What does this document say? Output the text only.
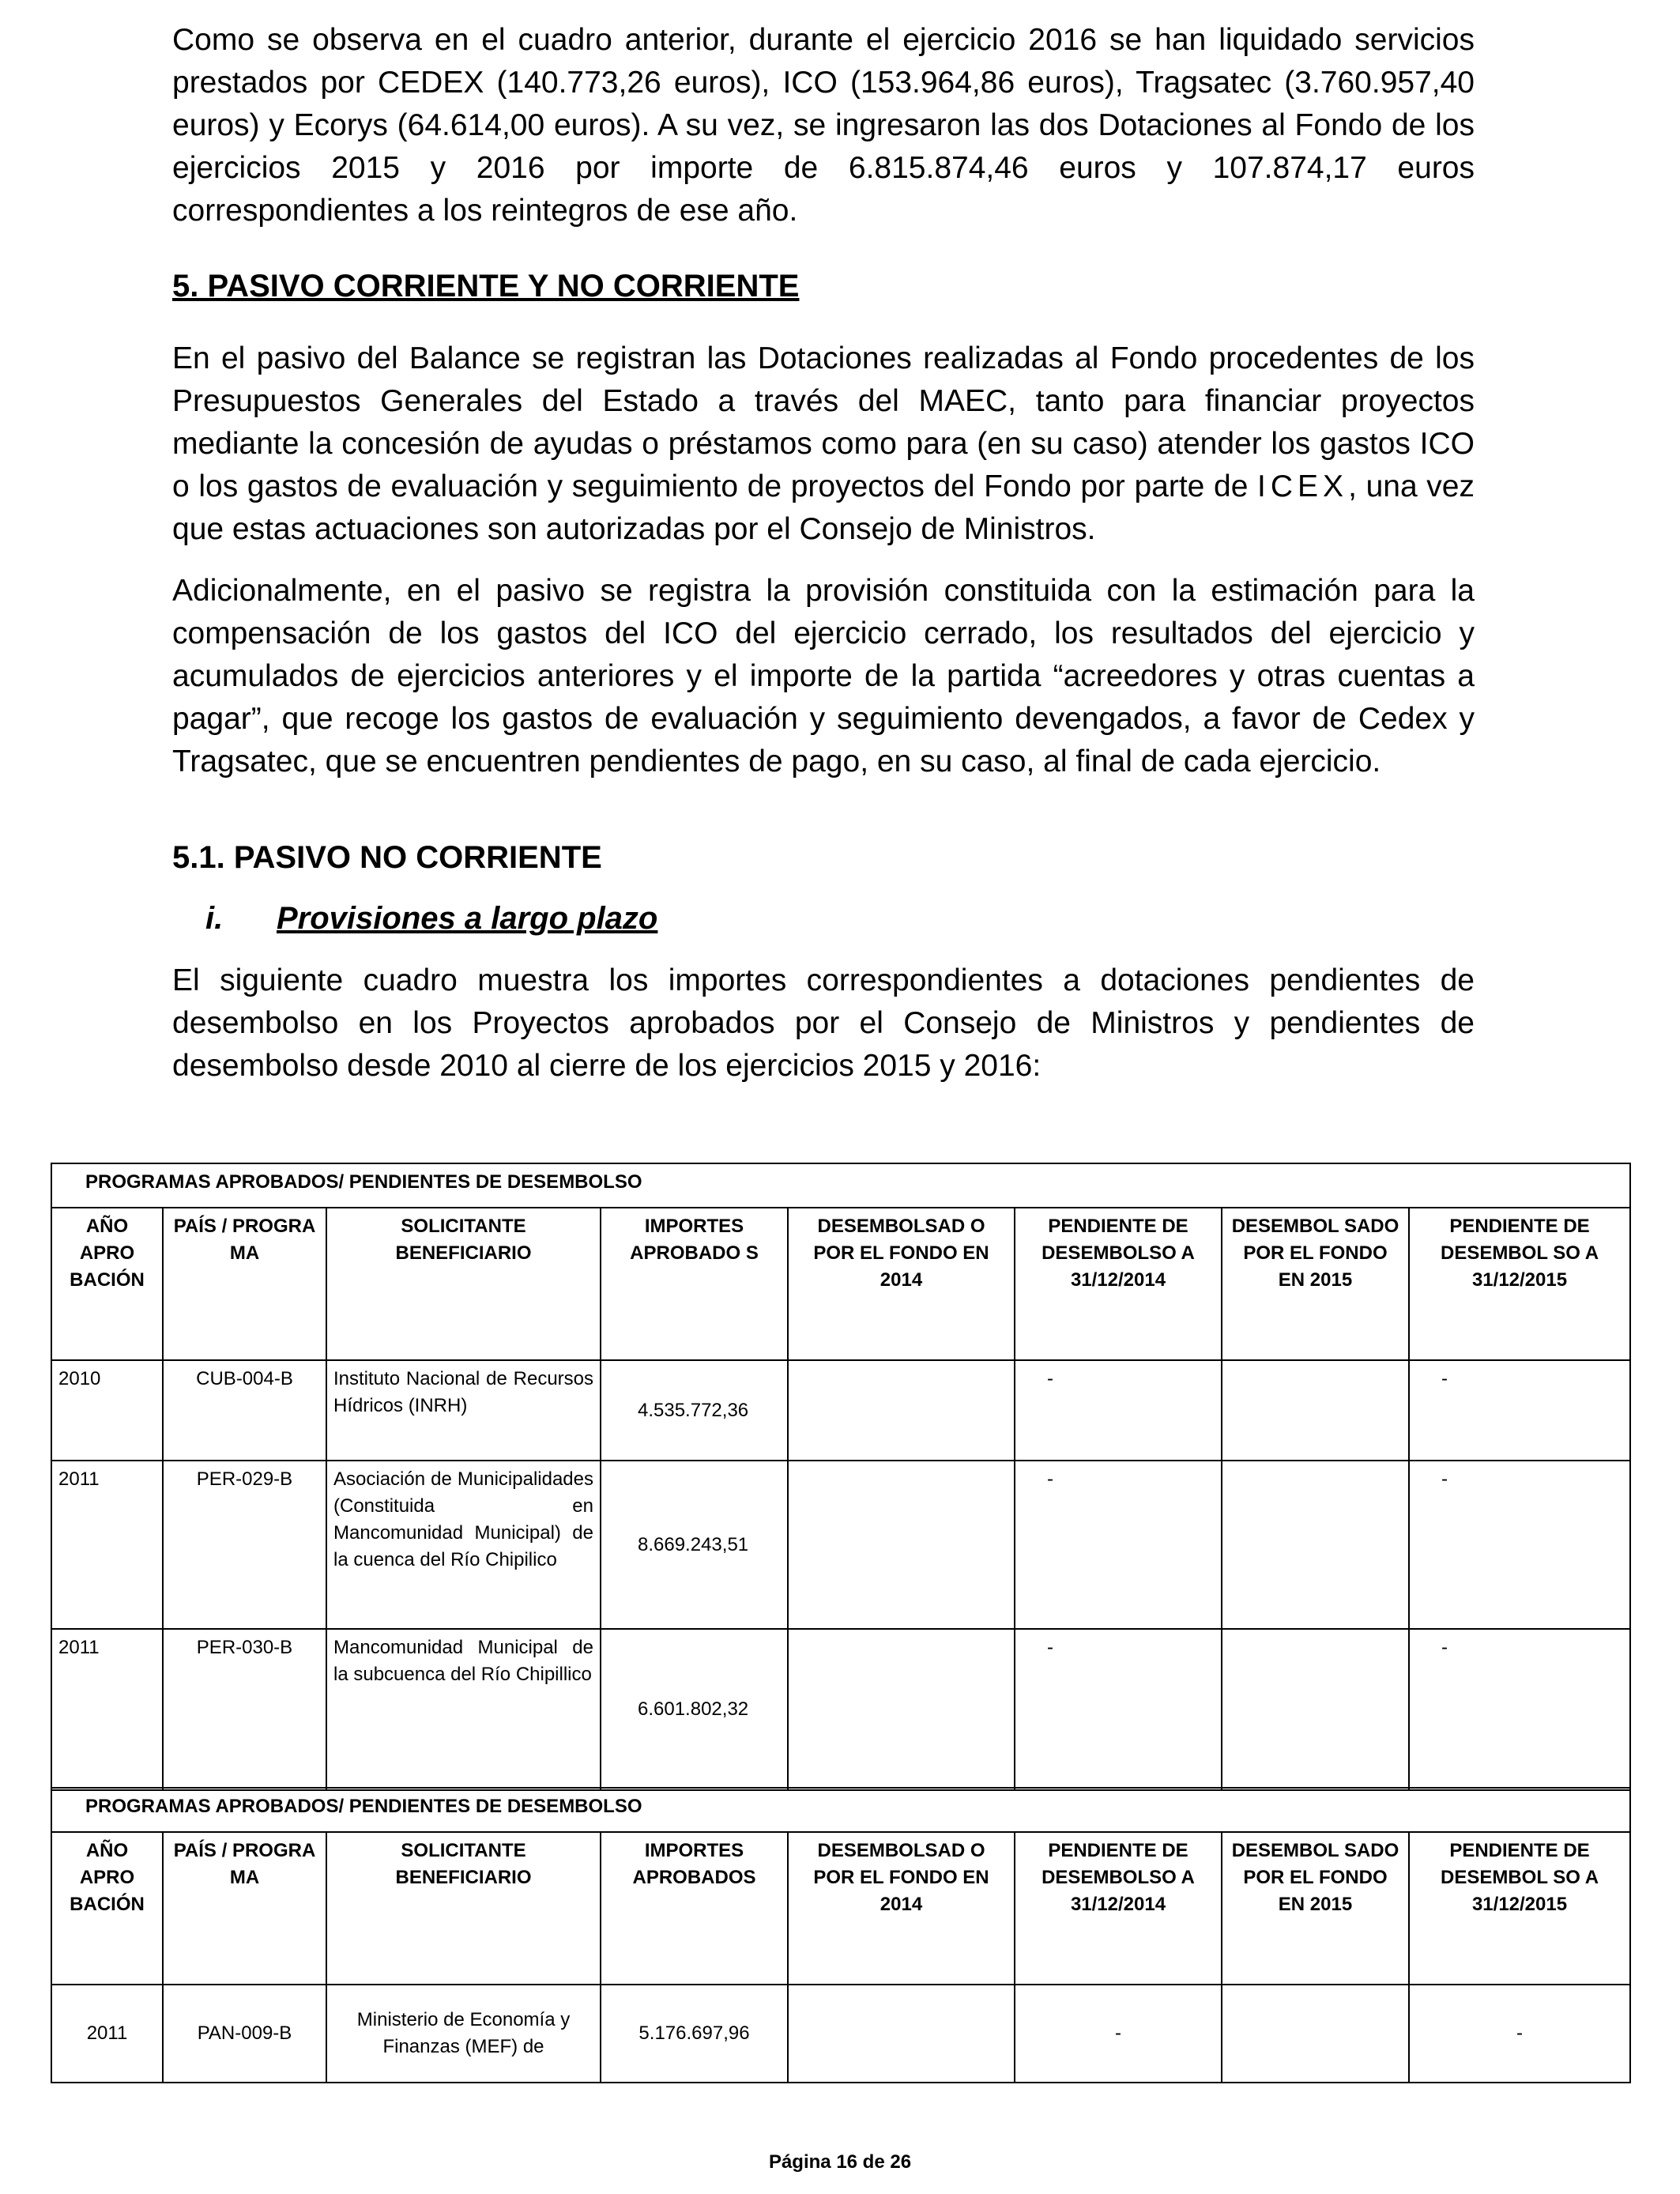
Como se observa en el cuadro anterior, durante el ejercicio 2016 se han liquidado servicios prestados por CEDEX (140.773,26 euros), ICO (153.964,86 euros), Tragsatec (3.760.957,40 euros) y Ecorys (64.614,00 euros). A su vez, se ingresaron las dos Dotaciones al Fondo de los ejercicios 2015 y 2016 por importe de 6.815.874,46 euros y 107.874,17 euros correspondientes a los reintegros de ese año.

5. PASIVO CORRIENTE Y NO CORRIENTE

En el pasivo del Balance se registran las Dotaciones realizadas al Fondo procedentes de los Presupuestos Generales del Estado a través del MAEC, tanto para financiar proyectos mediante la concesión de ayudas o préstamos como para (en su caso) atender los gastos ICO o los gastos de evaluación y seguimiento de proyectos del Fondo por parte de ICEX, una vez que estas actuaciones son autorizadas por el Consejo de Ministros.

Adicionalmente, en el pasivo se registra la provisión constituida con la estimación para la compensación de los gastos del ICO del ejercicio cerrado, los resultados del ejercicio y acumulados de ejercicios anteriores y el importe de la partida “acreedores y otras cuentas a pagar”, que recoge los gastos de evaluación y seguimiento devengados, a favor de Cedex y Tragsatec, que se encuentren pendientes de pago, en su caso, al final de cada ejercicio.

5.1. PASIVO NO CORRIENTE

i. Provisiones a largo plazo

El siguiente cuadro muestra los importes correspondientes a dotaciones pendientes de desembolso en los Proyectos aprobados por el Consejo de Ministros y pendientes de desembolso desde 2010 al cierre de los ejercicios 2015 y 2016:

PROGRAMAS APROBADOS/ PENDIENTES DE DESEMBOLSO							
AÑO APRO BACIÓN	PAÍS / PROGRA MA	SOLICITANTE BENEFICIARIO	IMPORTES APROBADO S	DESEMBOLSAD O POR EL FONDO EN 2014	PENDIENTE DE DESEMBOLSO A 31/12/2014	DESEMBOL SADO POR EL FONDO EN 2015	PENDIENTE DE DESEMBOL SO A 31/12/2015
2010	CUB-004-B	Instituto Nacional de Recursos Hídricos (INRH)	4.535.772,36		-		-
2011	PER-029-B	Asociación de Municipalidades (Constituida en Mancomunidad Municipal) de la cuenca del Río Chipilico	8.669.243,51		-		-
2011	PER-030-B	Mancomunidad Municipal de la subcuenca del Río Chipillico	6.601.802,32		-		-
PROGRAMAS APROBADOS/ PENDIENTES DE DESEMBOLSO							
AÑO APRO BACIÓN	PAÍS / PROGRA MA	SOLICITANTE BENEFICIARIO	IMPORTES APROBADOS	DESEMBOLSAD O POR EL FONDO EN 2014	PENDIENTE DE DESEMBOLSO A 31/12/2014	DESEMBOL SADO POR EL FONDO EN 2015	PENDIENTE DE DESEMBOL SO A 31/12/2015
2011	PAN-009-B	Ministerio de Economía y Finanzas (MEF) de	5.176.697,96		-		-
Página 16 de 26
